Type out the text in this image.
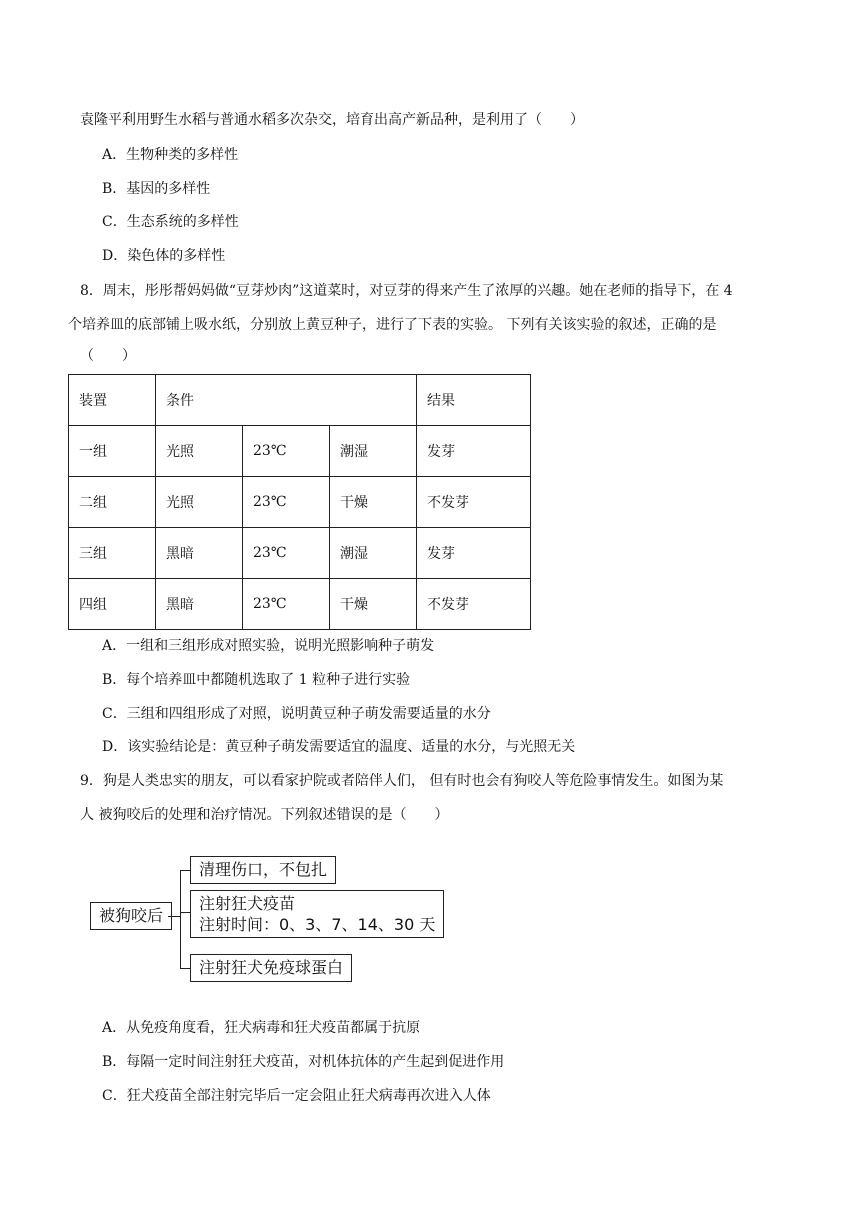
袁隆平利用野生水稻与普通水稻多次杂交，培育出高产新品种，是利用了（　　）
A．生物种类的多样性
B．基因的多样性
C．生态系统的多样性
D．染色体的多样性
8．周末，彤彤帮妈妈做“豆芽炒肉”这道菜时，对豆芽的得来产生了浓厚的兴趣。她在老师的指导下，在 4
个培养皿的底部铺上吸水纸，分别放上黄豆种子，进行了下表的实验。 下列有关该实验的叙述，正确的是
（　　）
装置	条件			结果
一组	光照	23℃	潮湿	发芽
二组	光照	23℃	干燥	不发芽
三组	黑暗	23℃	潮湿	发芽
四组	黑暗	23℃	干燥	不发芽
A．一组和三组形成对照实验，说明光照影响种子萌发
B．每个培养皿中都随机选取了 1 粒种子进行实验
C．三组和四组形成了对照，说明黄豆种子萌发需要适量的水分
D．该实验结论是：黄豆种子萌发需要适宜的温度、适量的水分，与光照无关
9．狗是人类忠实的朋友，可以看家护院或者陪伴人们， 但有时也会有狗咬人等危险事情发生。如图为某
人 被狗咬后的处理和治疗情况。下列叙述错误的是（　　）
被狗咬后
清理伤口，不包扎
注射狂犬疫苗
注射时间：0、3、7、14、30 天
注射狂犬免疫球蛋白
A．从免疫角度看，狂犬病毒和狂犬疫苗都属于抗原
B．每隔一定时间注射狂犬疫苗，对机体抗体的产生起到促进作用
C．狂犬疫苗全部注射完毕后一定会阻止狂犬病毒再次进入人体
